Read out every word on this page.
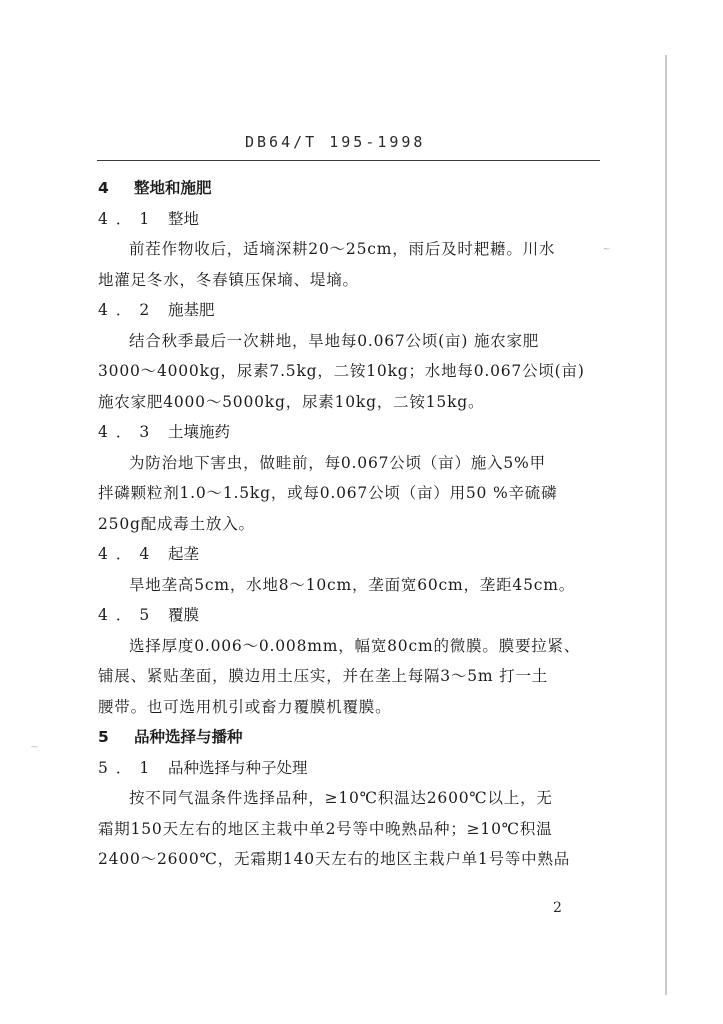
~
~
DB64/T 195-1998
4 整地和施肥
4．1 整地
前茬作物收后，适墒深耕20～25cm，雨后及时耙耱。川水
地灌足冬水，冬春镇压保墒、堤墒。
4．2 施基肥
结合秋季最后一次耕地，旱地每0.067公顷(亩) 施农家肥
3000～4000kg，尿素7.5kg，二铵10kg；水地每0.067公顷(亩)
施农家肥4000～5000kg，尿素10kg，二铵15kg。
4．3 土壤施药
为防治地下害虫，做畦前，每0.067公顷（亩）施入5%甲
拌磷颗粒剂1.0～1.5kg，或每0.067公顷（亩）用50 %辛硫磷
250g配成毒土放入。
4．4 起垄
旱地垄高5cm，水地8～10cm，垄面宽60cm，垄距45cm。
4．5 覆膜
选择厚度0.006～0.008mm，幅宽80cm的微膜。膜要拉紧、
铺展、紧贴垄面，膜边用土压实，并在垄上每隔3～5m 打一土
腰带。也可选用机引或畜力覆膜机覆膜。
5 品种选择与播种
5．1 品种选择与种子处理
按不同气温条件选择品种，≥10℃积温达2600℃以上，无
霜期150天左右的地区主栽中单2号等中晚熟品种；≥10℃积温
2400～2600℃，无霜期140天左右的地区主栽户单1号等中熟品
2
